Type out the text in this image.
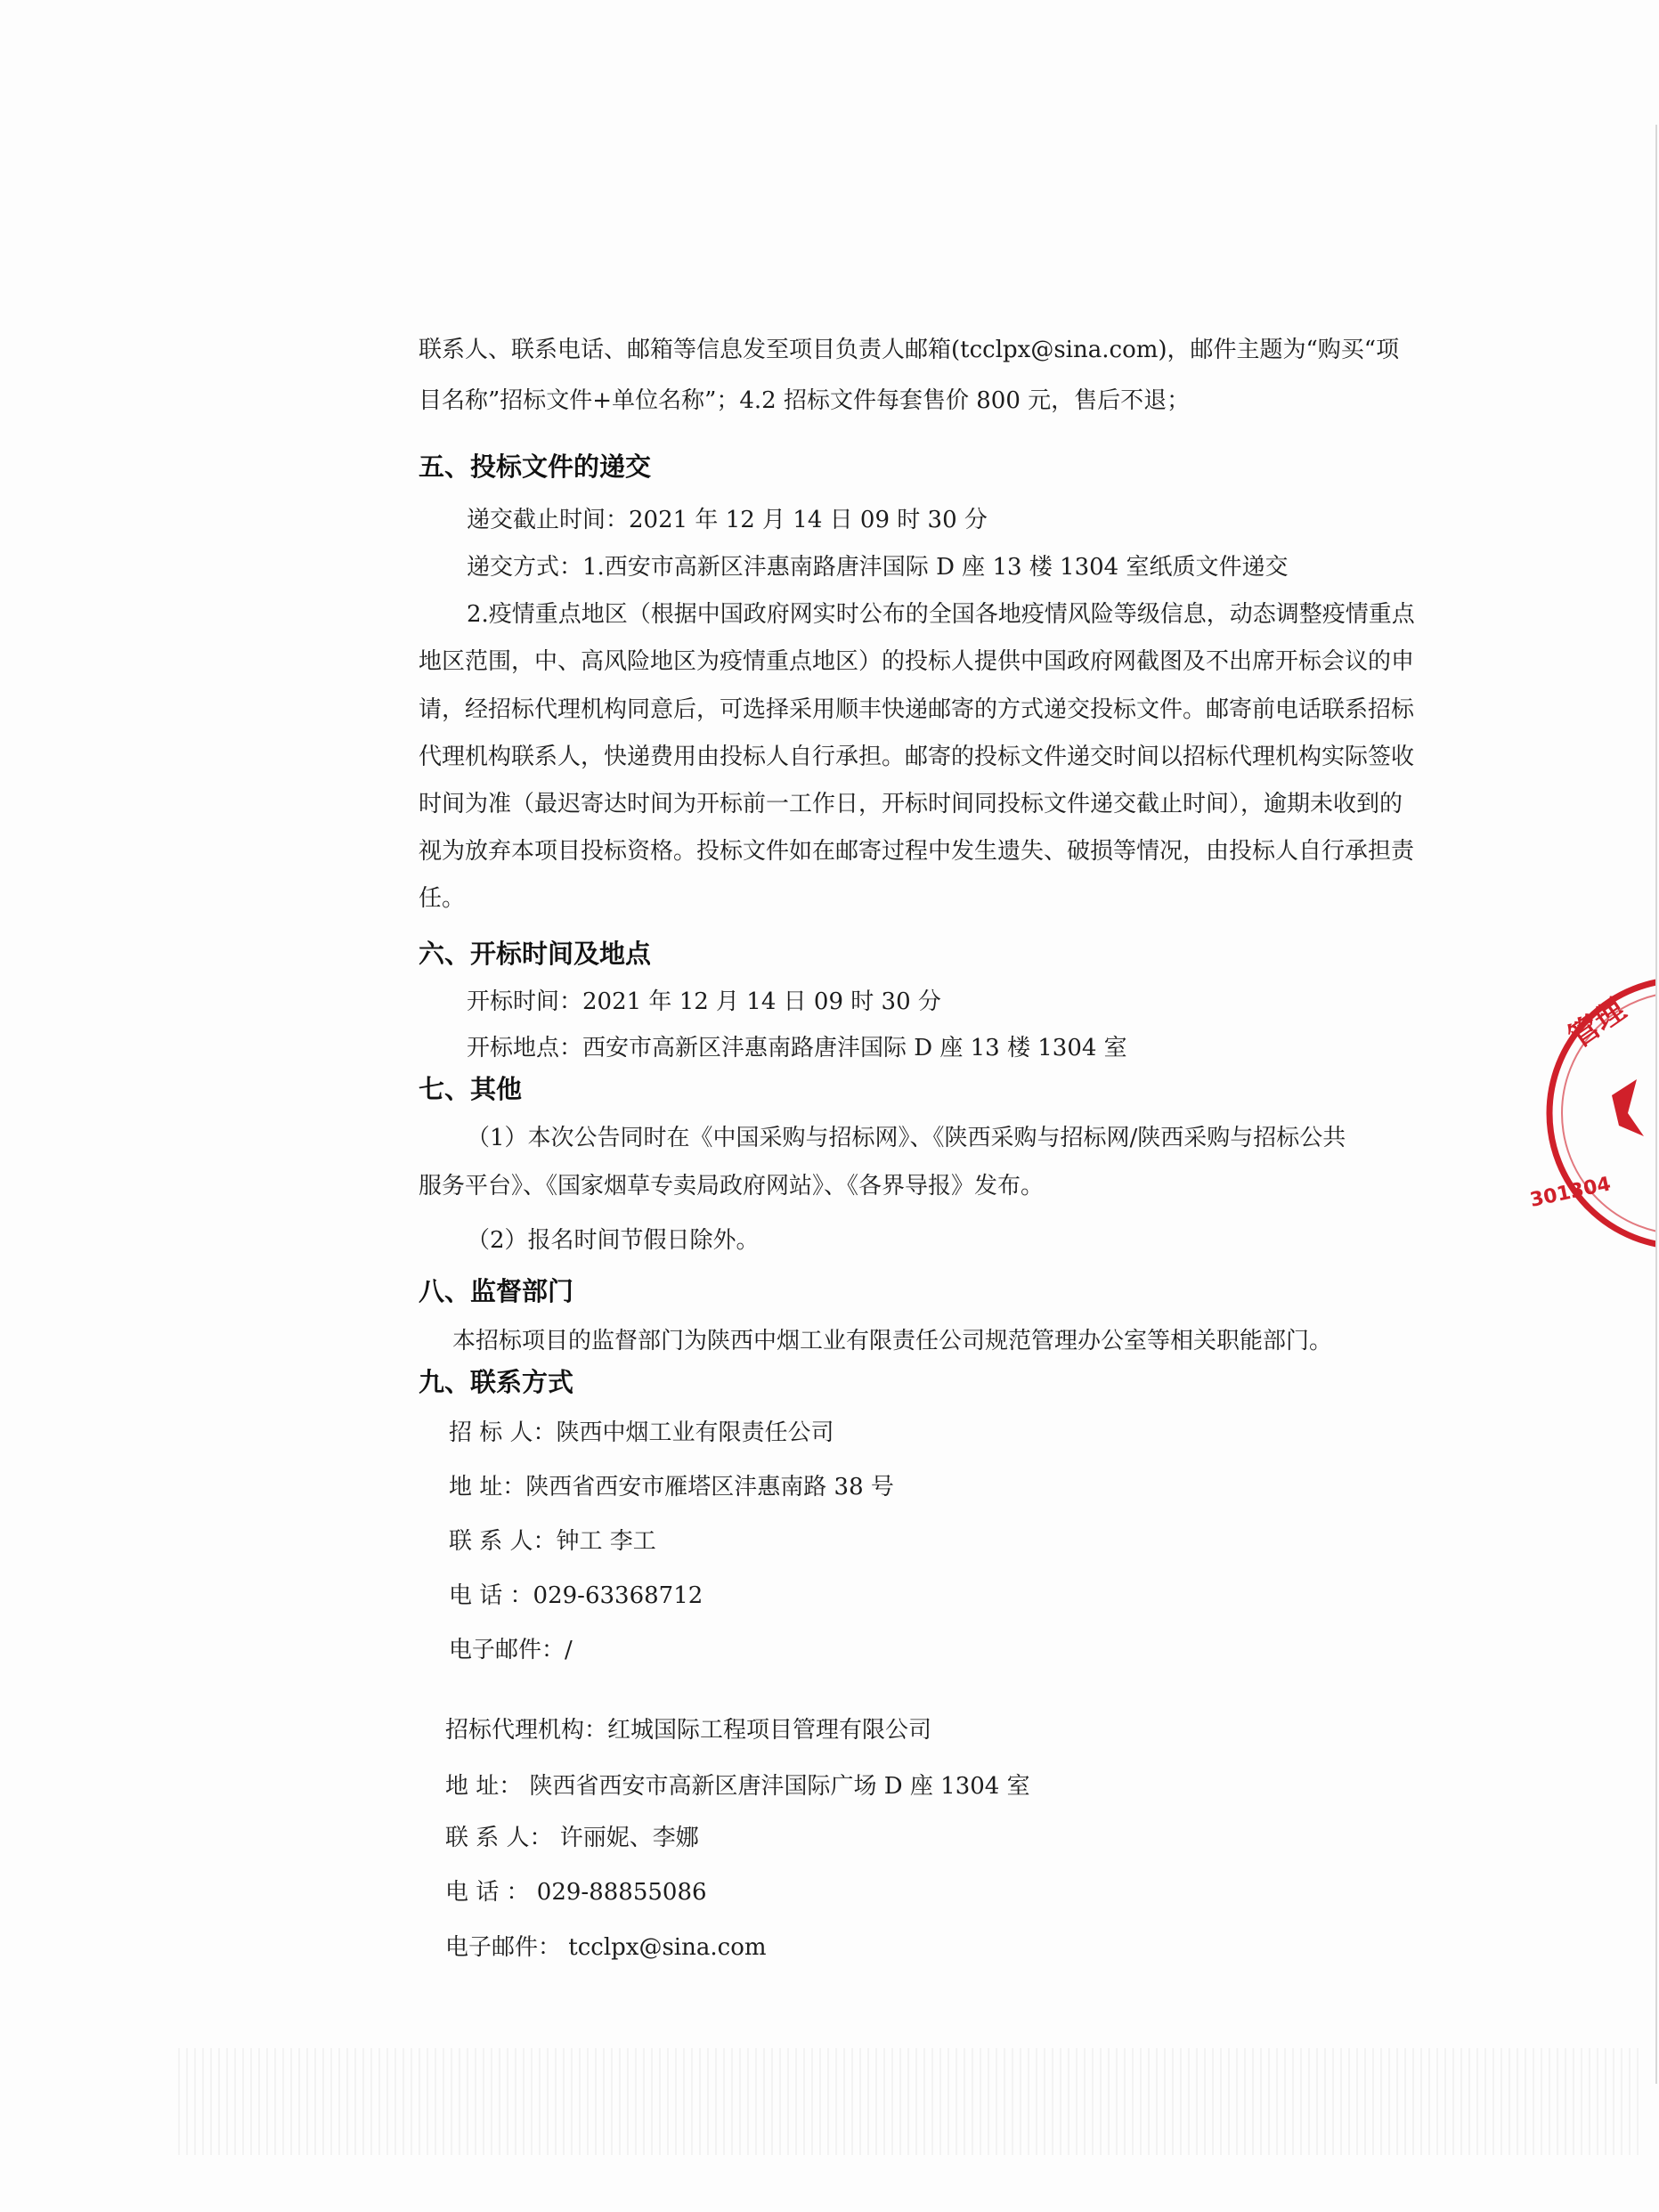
联系人、联系电话、邮箱等信息发至项目负责人邮箱(tcclpx@sina.com)，邮件主题为“购买“项
目名称”招标文件+单位名称”；4.2 招标文件每套售价 800 元，售后不退；
五、投标文件的递交
递交截止时间：2021 年 12 月 14 日 09 时 30 分
递交方式：1.西安市高新区沣惠南路唐沣国际 D 座 13 楼 1304 室纸质文件递交
2.疫情重点地区（根据中国政府网实时公布的全国各地疫情风险等级信息，动态调整疫情重点
地区范围，中、高风险地区为疫情重点地区）的投标人提供中国政府网截图及不出席开标会议的申
请，经招标代理机构同意后，可选择采用顺丰快递邮寄的方式递交投标文件。邮寄前电话联系招标
代理机构联系人，快递费用由投标人自行承担。邮寄的投标文件递交时间以招标代理机构实际签收
时间为准（最迟寄达时间为开标前一工作日，开标时间同投标文件递交截止时间），逾期未收到的
视为放弃本项目投标资格。投标文件如在邮寄过程中发生遗失、破损等情况，由投标人自行承担责
任。
六、开标时间及地点
开标时间：2021 年 12 月 14 日 09 时 30 分
开标地点：西安市高新区沣惠南路唐沣国际 D 座 13 楼 1304 室
七、其他
（1）本次公告同时在《中国采购与招标网》、《陕西采购与招标网/陕西采购与招标公共
服务平台》、《国家烟草专卖局政府网站》、《各界导报》发布。
（2）报名时间节假日除外。
八、监督部门
本招标项目的监督部门为陕西中烟工业有限责任公司规范管理办公室等相关职能部门。
九、联系方式
招 标 人：陕西中烟工业有限责任公司
地 址：陕西省西安市雁塔区沣惠南路 38 号
联 系 人：钟工 李工
电 话 ：029-63368712
电子邮件：/
招标代理机构：红城国际工程项目管理有限公司
地 址： 陕西省西安市高新区唐沣国际广场 D 座 1304 室
联 系 人： 许丽妮、李娜
电 话 ： 029-88855086
电子邮件： tcclpx@sina.com
管理
301304
